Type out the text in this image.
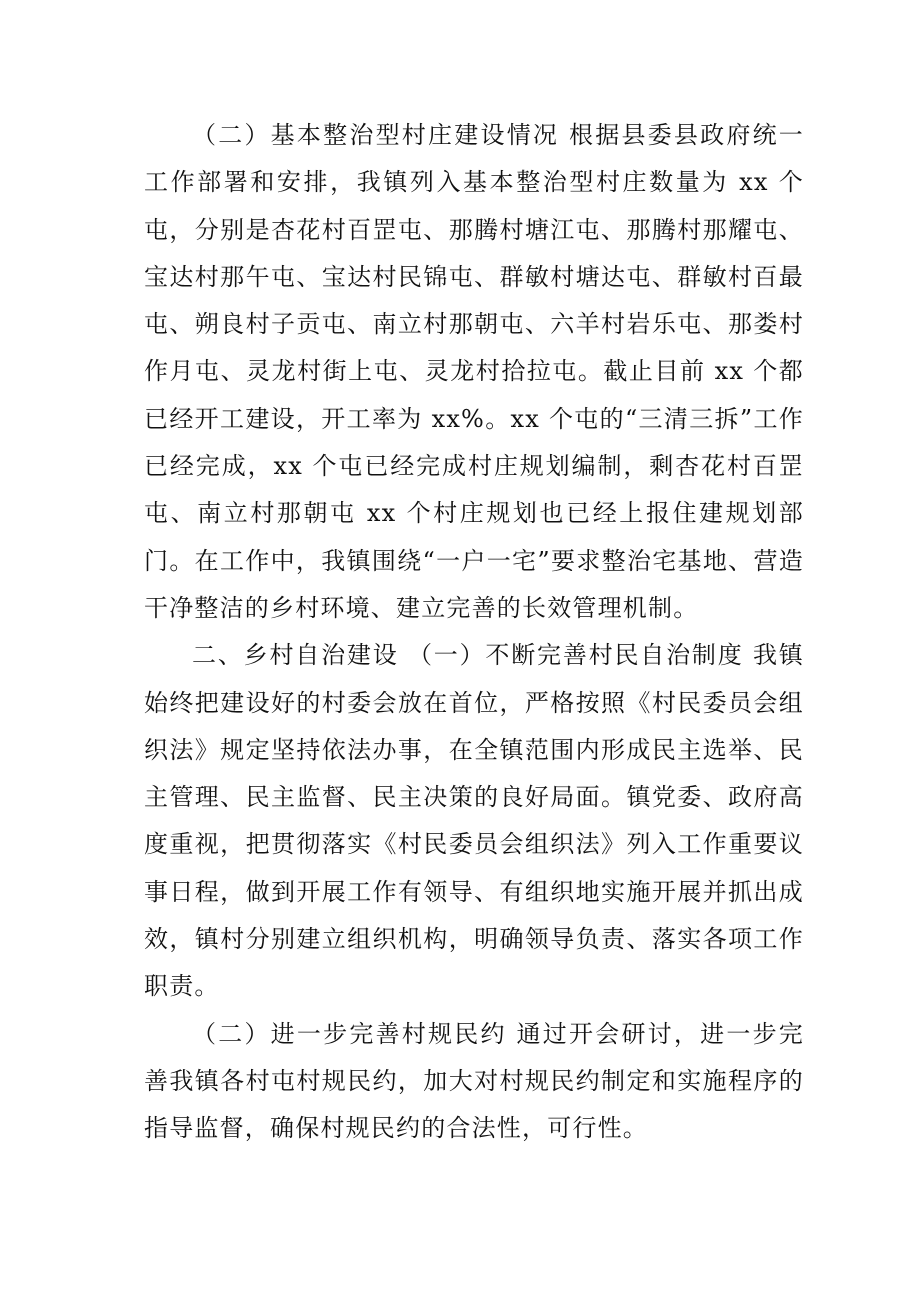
（二）基本整治型村庄建设情况 根据县委县政府统一工作部署和安排，我镇列入基本整治型村庄数量为 xx 个屯，分别是杏花村百罡屯、那腾村塘江屯、那腾村那耀屯、宝达村那午屯、宝达村民锦屯、群敏村塘达屯、群敏村百最屯、朔良村子贡屯、南立村那朝屯、六羊村岩乐屯、那娄村作月屯、灵龙村街上屯、灵龙村拾拉屯。截止目前 xx 个都已经开工建设，开工率为 xx%。xx 个屯的“三清三拆”工作已经完成，xx 个屯已经完成村庄规划编制，剩杏花村百罡屯、南立村那朝屯 xx 个村庄规划也已经上报住建规划部门。在工作中，我镇围绕“一户一宅”要求整治宅基地、营造干净整洁的乡村环境、建立完善的长效管理机制。

二、乡村自治建设 （一）不断完善村民自治制度 我镇始终把建设好的村委会放在首位，严格按照《村民委员会组织法》规定坚持依法办事，在全镇范围内形成民主选举、民主管理、民主监督、民主决策的良好局面。镇党委、政府高度重视，把贯彻落实《村民委员会组织法》列入工作重要议事日程，做到开展工作有领导、有组织地实施开展并抓出成效，镇村分别建立组织机构，明确领导负责、落实各项工作职责。

（二）进一步完善村规民约 通过开会研讨，进一步完善我镇各村屯村规民约，加大对村规民约制定和实施程序的指导监督，确保村规民约的合法性，可行性。
